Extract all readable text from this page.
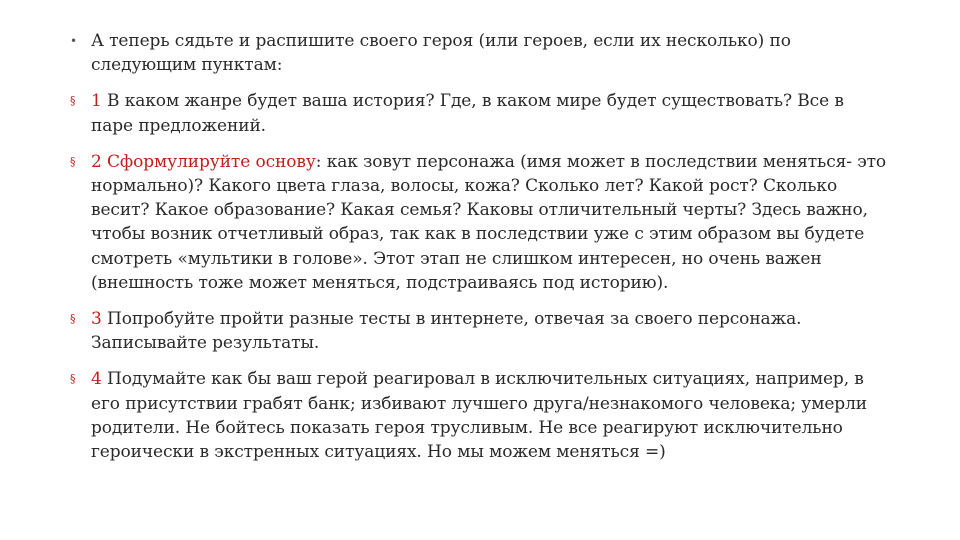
• А теперь сядьте и распишите своего героя (или героев, если их несколько) по следующим пунктам:
§ 1 В каком жанре будет ваша история? Где, в каком мире будет существовать? Все в паре предложений.
§ 2 Сформулируйте основу: как зовут персонажа (имя может в последствии меняться- это нормально)? Какого цвета глаза, волосы, кожа? Сколько лет? Какой рост? Сколько весит? Какое образование? Какая семья? Каковы отличительный черты? Здесь важно, чтобы возник отчетливый образ, так как в последствии уже с этим образом вы будете смотреть «мультики в голове». Этот этап не слишком интересен, но очень важен (внешность тоже может меняться, подстраиваясь под историю).
§ 3 Попробуйте пройти разные тесты в интернете, отвечая за своего персонажа. Записывайте результаты.
§ 4 Подумайте как бы ваш герой реагировал в исключительных ситуациях, например, в его присутствии грабят банк; избивают лучшего друга/незнакомого человека; умерли родители. Не бойтесь показать героя трусливым. Не все реагируют исключительно героически в экстренных ситуациях. Но мы можем меняться =)
